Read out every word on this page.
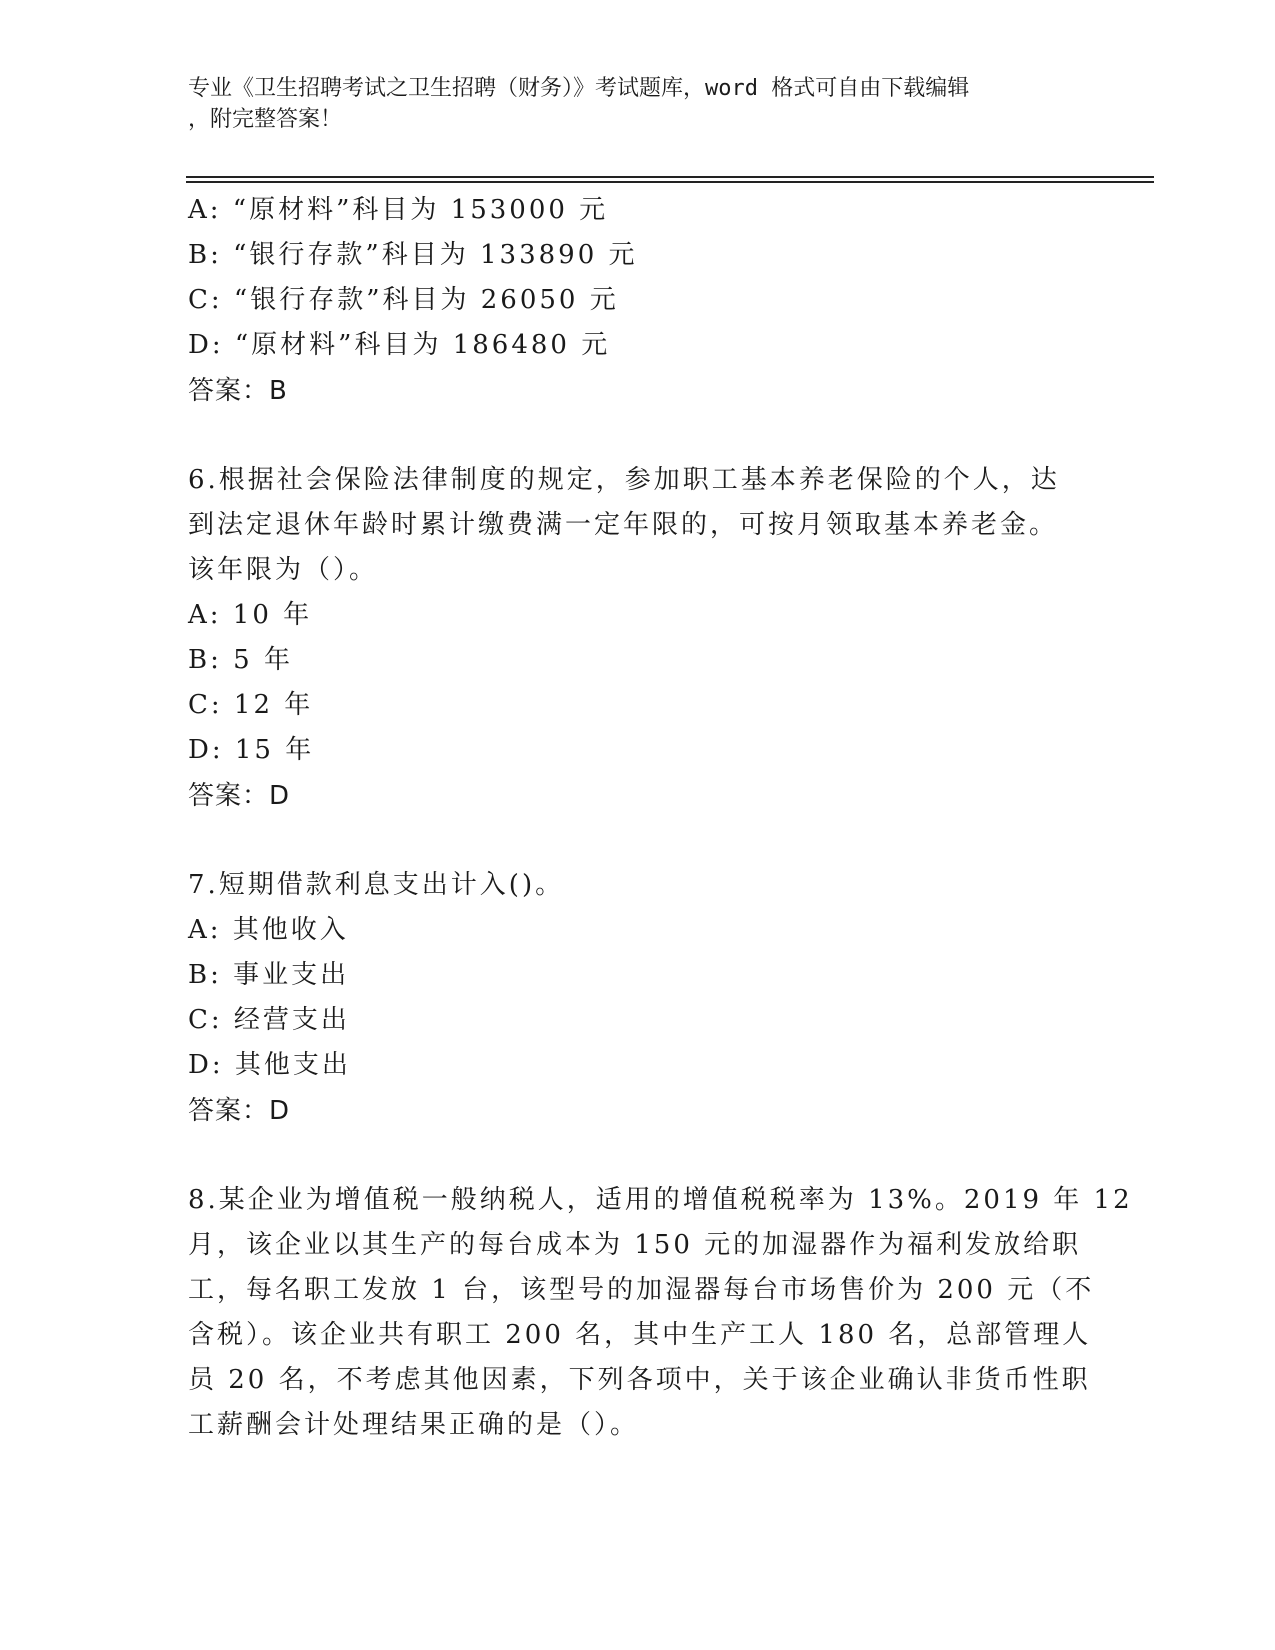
专业《卫生招聘考试之卫生招聘（财务）》考试题库，word 格式可自由下载编辑
，附完整答案！
A: “原材料”科目为 153000 元
B: “银行存款”科目为 133890 元
C: “银行存款”科目为 26050 元
D: “原材料”科目为 186480 元
答案：B
6.根据社会保险法律制度的规定，参加职工基本养老保险的个人，达
到法定退休年龄时累计缴费满一定年限的，可按月领取基本养老金。
该年限为（）。
A: 10 年
B: 5 年
C: 12 年
D: 15 年
答案：D
7.短期借款利息支出计入()。
A: 其他收入
B: 事业支出
C: 经营支出
D: 其他支出
答案：D
8.某企业为增值税一般纳税人，适用的增值税税率为 13%。2019 年 12
月，该企业以其生产的每台成本为 150 元的加湿器作为福利发放给职
工，每名职工发放 1 台，该型号的加湿器每台市场售价为 200 元（不
含税）。该企业共有职工 200 名，其中生产工人 180 名，总部管理人
员 20 名，不考虑其他因素，下列各项中，关于该企业确认非货币性职
工薪酬会计处理结果正确的是（）。
